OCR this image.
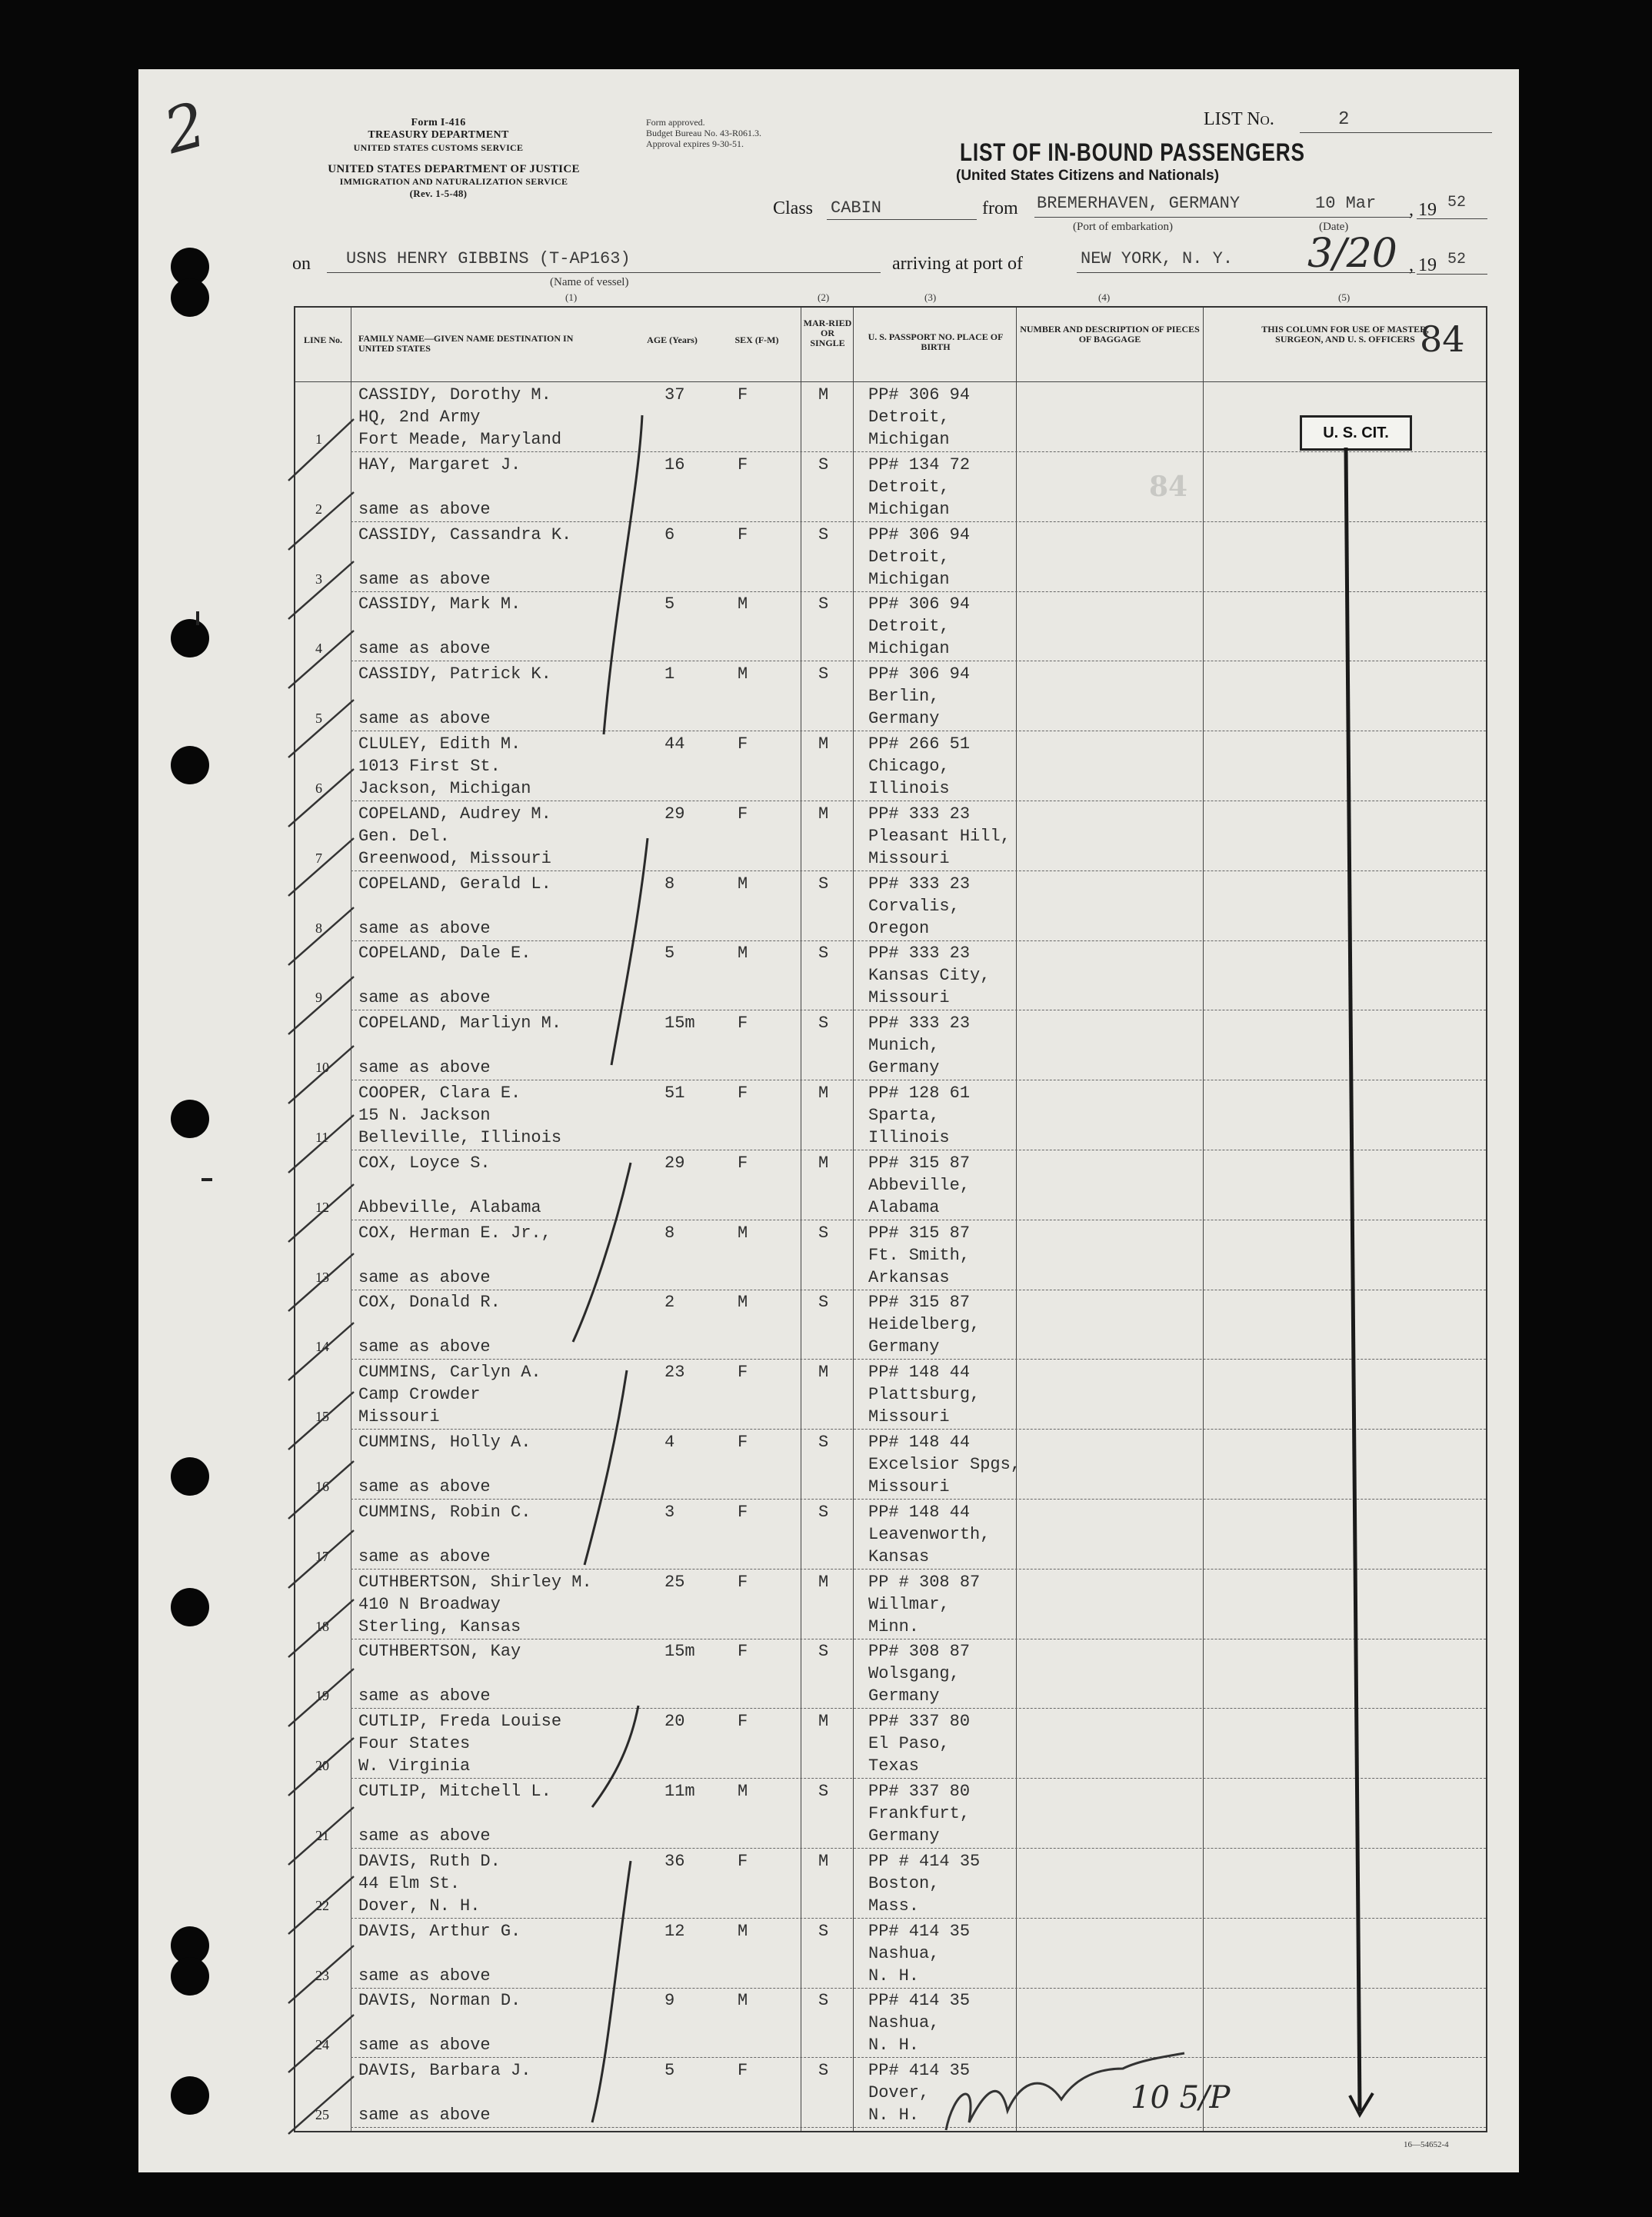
2	Form I-416
TREASURY DEPARTMENT
UNITED STATES CUSTOMS SERVICE
UNITED STATES DEPARTMENT OF JUSTICE
IMMIGRATION AND NATURALIZATION SERVICE
(Rev. 1-5-48)
Form approved.
Budget Bureau No. 43-R061.3.
Approval expires 9-30-51.
LIST No.	2
LIST OF IN-BOUND PASSENGERS
(United States Citizens and Nationals)
Class CABIN	from BREMERHAVEN, GERMANY	10 Mar , 19 52
(Port of embarkation)	(Date)
on USNS HENRY GIBBINS (T-AP163)
(Name of vessel)
(1)	(2)	(3)	(4)	(5)
arriving at port of	NEW YORK, N. Y. 3/20 , 19 52
LINE No.	FAMILY NAME—GIVEN NAME DESTINATION IN UNITED STATES
AGE (Years)	SEX (F-M)
MAR-RIED OR SINGLE
U. S. PASSPORT NO. PLACE OF BIRTH
NUMBER AND DESCRIPTION OF PIECES OF BAGGAGE
THIS COLUMN FOR USE OF MASTER, SURGEON, AND U. S. OFFICERS 84
1
CASSIDY, Dorothy M.
HQ, 2nd Army
Fort Meade, Maryland
37	F	M PP# 306 94
Detroit,
Michigan
2
HAY, Margaret J.
same as above
16	F	S PP# 134 72
Detroit,
Michigan
3
CASSIDY, Cassandra K.
same as above
6	F	S PP# 306 94
Detroit,
Michigan
4
CASSIDY, Mark M.
same as above
5	M	S PP# 306 94
Detroit,
Michigan
5
CASSIDY, Patrick K.
same as above
1	M	S PP# 306 94
Berlin,
Germany
6
CLULEY, Edith M.
1013 First St.
Jackson, Michigan
44	F	M PP# 266 51
Chicago,
Illinois
7
COPELAND, Audrey M.
Gen. Del.
Greenwood, Missouri
29	F	M PP# 333 23
Pleasant Hill,
Missouri
8
COPELAND, Gerald L.
same as above
8	M	S PP# 333 23
Corvalis,
Oregon
9
COPELAND, Dale E.
same as above
5	M	S PP# 333 23
Kansas City,
Missouri
10
COPELAND, Marliyn M.
same as above
15m	F	S PP# 333 23
Munich,
Germany
11
COOPER, Clara E.
15 N. Jackson
Belleville, Illinois
51	F	M PP# 128 61
Sparta,
Illinois
12
COX, Loyce S.
Abbeville, Alabama
29	F	M PP# 315 87
Abbeville,
Alabama
13
COX, Herman E. Jr.,
same as above
8	M	S PP# 315 87
Ft. Smith,
Arkansas
14
COX, Donald R.
same as above
2	M	S PP# 315 87
Heidelberg,
Germany
15
CUMMINS, Carlyn A.
Camp Crowder
Missouri
23	F	M PP# 148 44
Plattsburg,
Missouri
16
CUMMINS, Holly A.
same as above
4	F	S PP# 148 44
Excelsior Spgs,
Missouri
17
CUMMINS, Robin C.
same as above
3	F	S PP# 148 44
Leavenworth,
Kansas
18
CUTHBERTSON, Shirley M.
410 N Broadway
Sterling, Kansas
25	F	M PP # 308 87
Willmar,
Minn.
19
CUTHBERTSON, Kay
same as above
15m	F	S PP# 308 87
Wolsgang,
Germany
20
CUTLIP, Freda Louise
Four States
W. Virginia
20	F	M PP# 337 80
El Paso,
Texas
21
CUTLIP, Mitchell L.
same as above
11m	M	S PP# 337 80
Frankfurt,
Germany
22
DAVIS, Ruth D.
44 Elm St.
Dover, N. H.
36	F	M PP # 414 35
Boston,
Mass.
23
DAVIS, Arthur G.
same as above
12	M	S PP# 414 35
Nashua,
N. H.
24
DAVIS, Norman D.
same as above
9	M	S PP# 414 35
Nashua,
N. H.
25
DAVIS, Barbara J.
same as above
5	F	S PP# 414 35
Dover,
N. H.
84
U. S. CIT.
10 5/P
16—54652-4
